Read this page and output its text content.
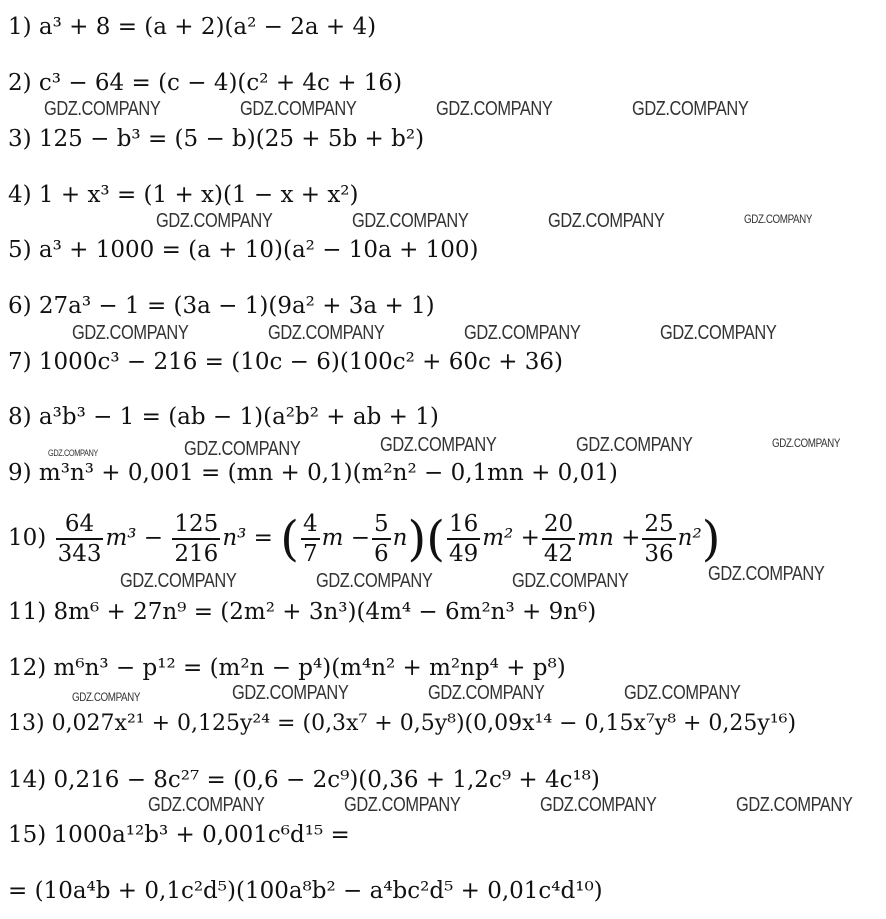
1) a³ + 8 = (a + 2)(a² − 2a + 4)
2) c³ − 64 = (c − 4)(c² + 4c + 16)
3) 125 − b³ = (5 − b)(25 + 5b + b²)
4) 1 + x³ = (1 + x)(1 − x + x²)
5) a³ + 1000 = (a + 10)(a² − 10a + 100)
6) 27a³ − 1 = (3a − 1)(9a² + 3a + 1)
7) 1000c³ − 216 = (10c − 6)(100c² + 60c + 36)
8) a³b³ − 1 = (ab − 1)(a²b² + ab + 1)
9) m³n³ + 0,001 = (mn + 0,1)(m²n² − 0,1mn + 0,01)
$10) \frac{64}{343} m^3 - \frac{125}{216} n^3$ = ( $\frac{4}{7}$ $m - \frac{5}{6} n)( \frac{16}{49} m^2 + \frac{20}{42}$ mn + $\frac{25}{36} n^2$)
11) 8m⁶ + 27n⁹ = (2m² + 3n³)(4m⁴ − 6m²n³ + 9n⁶)
12) m⁶n³ − p¹² = (m²n − p⁴)(m⁴n² + m²np⁴ + p⁸)
13) 0,027x²¹ + 0,125y²⁴ = (0,3x⁷ + 0,5y⁸)(0,09x¹⁴ − 0,15x⁷y⁸ + 0,25y¹⁶)
14) 0,216 − 8c²⁷ = (0,6 − 2c⁹)(0,36 + 1,2c⁹ + 4c¹⁸)
15) 1000a¹²b³ + 0,001c⁶d¹⁵ =
= (10a⁴b + 0,1c²d⁵)(100a⁸b² − a⁴bc²d⁵ + 0,01c⁴d¹⁰)
GDZ.COMPANY	GDZ.COMPANY	GDZ.COMPANY	GDZ.COMPANY
GDZ.COMPANY	GDZ.COMPANY	GDZ.COMPANY	GDZ.COMPANY
GDZ.COMPANY	GDZ.COMPANY	GDZ.COMPANY	GDZ.COMPANY
GDZ.COMPANY	GDZ.COMPANY	GDZ.COMPANY	GDZ.COMPANY	GDZ.COMPANY
GDZ.COMPANY	GDZ.COMPANY	GDZ.COMPANY	GDZ.COMPANY
GDZ.COMPANY	GDZ.COMPANY	GDZ.COMPANY	GDZ.COMPANY
GDZ.COMPANY	GDZ.COMPANY	GDZ.COMPANY	GDZ.COMPANY
